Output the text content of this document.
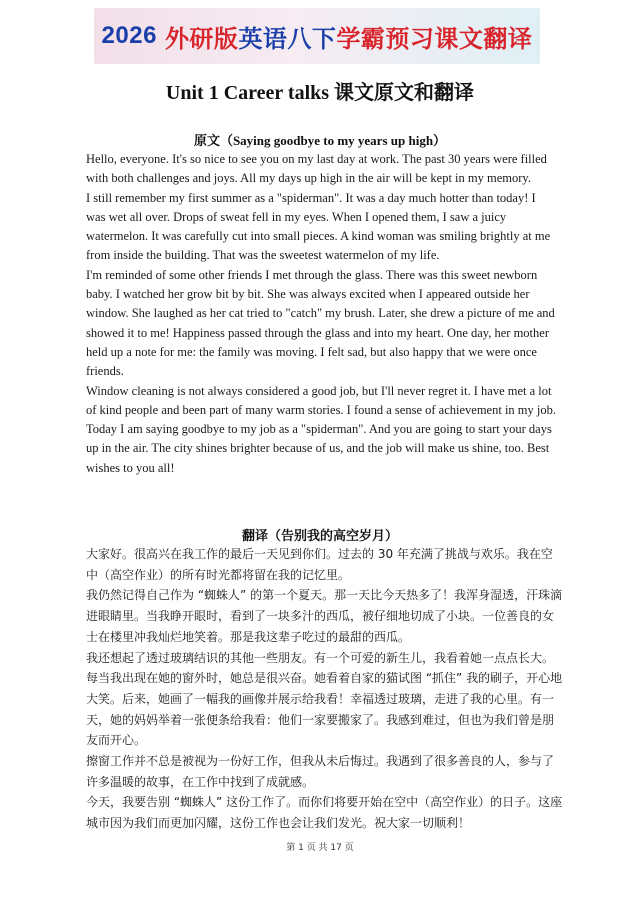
2026 外研版 英语八下 学霸预习课文翻译
Unit 1 Career talks 课文原文和翻译
原文（Saying goodbye to my years up high）

Hello, everyone. It's so nice to see you on my last day at work. The past 30 years were filled with both challenges and joys. All my days up high in the air will be kept in my memory.

I still remember my first summer as a "spiderman". It was a day much hotter than today! I was wet all over. Drops of sweat fell in my eyes. When I opened them, I saw a juicy watermelon. It was carefully cut into small pieces. A kind woman was smiling brightly at me from inside the building. That was the sweetest watermelon of my life.

I'm reminded of some other friends I met through the glass. There was this sweet newborn baby. I watched her grow bit by bit. She was always excited when I appeared outside her window. She laughed as her cat tried to "catch" my brush. Later, she drew a picture of me and showed it to me! Happiness passed through the glass and into my heart. One day, her mother held up a note for me: the family was moving. I felt sad, but also happy that we were once friends.

Window cleaning is not always considered a good job, but I'll never regret it. I have met a lot of kind people and been part of many warm stories. I found a sense of achievement in my job.

Today I am saying goodbye to my job as a "spiderman". And you are going to start your days up in the air. The city shines brighter because of us, and the job will make us shine, too. Best wishes to you all!

翻译（告别我的高空岁月）

大家好。很高兴在我工作的最后一天见到你们。过去的 30 年充满了挑战与欢乐。我在空中（高空作业）的所有时光都将留在我的记忆里。

我仍然记得自己作为 “蜘蛛人” 的第一个夏天。那一天比今天热多了！我浑身湿透，汗珠滴进眼睛里。当我睁开眼时，看到了一块多汁的西瓜，被仔细地切成了小块。一位善良的女士在楼里冲我灿烂地笑着。那是我这辈子吃过的最甜的西瓜。

我还想起了透过玻璃结识的其他一些朋友。有一个可爱的新生儿，我看着她一点点长大。每当我出现在她的窗外时，她总是很兴奋。她看着自家的猫试图 “抓住” 我的刷子，开心地大笑。后来，她画了一幅我的画像并展示给我看！幸福透过玻璃，走进了我的心里。有一天，她的妈妈举着一张便条给我看：他们一家要搬家了。我感到难过，但也为我们曾是朋友而开心。

擦窗工作并不总是被视为一份好工作，但我从未后悔过。我遇到了很多善良的人，参与了许多温暖的故事，在工作中找到了成就感。

今天，我要告别 “蜘蛛人” 这份工作了。而你们将要开始在空中（高空作业）的日子。这座城市因为我们而更加闪耀，这份工作也会让我们发光。祝大家一切顺利！

第 1 页 共 17 页
